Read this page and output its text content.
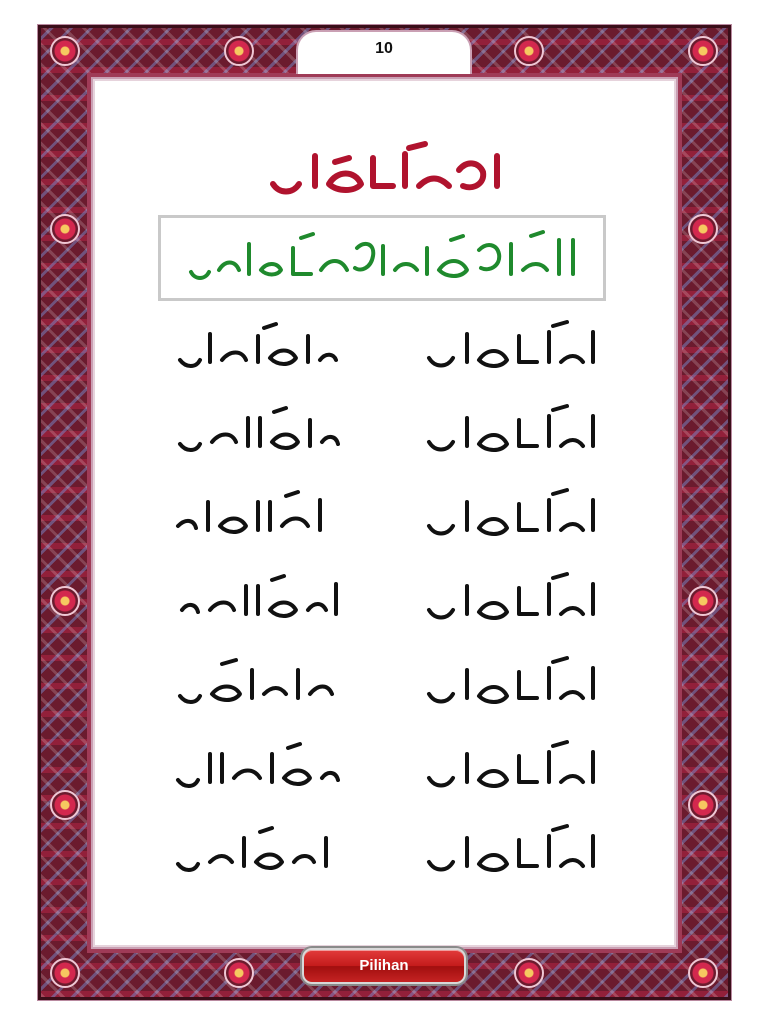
10
Pilihan
